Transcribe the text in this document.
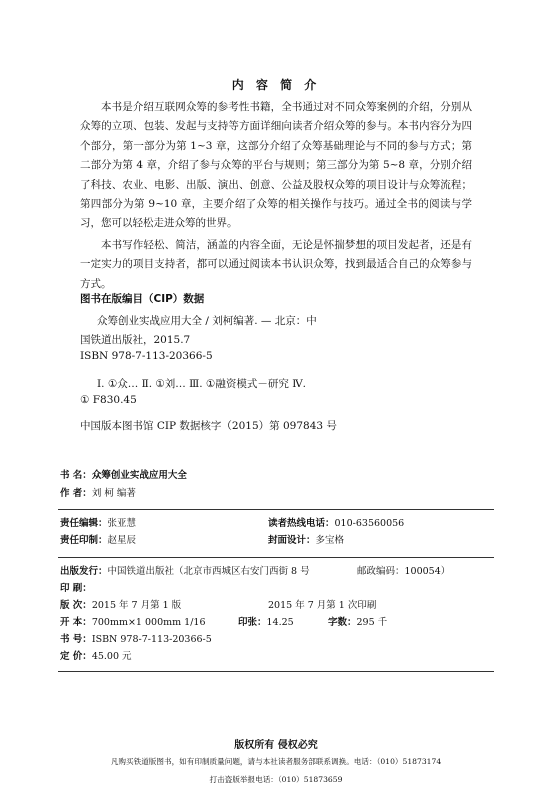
内 容 简 介

本书是介绍互联网众筹的参考性书籍，全书通过对不同众筹案例的介绍，分别从众筹的立项、包装、发起与支持等方面详细向读者介绍众筹的参与。本书内容分为四个部分，第一部分为第 1~3 章，这部分介绍了众筹基础理论与不同的参与方式；第二部分为第 4 章，介绍了参与众筹的平台与规则；第三部分为第 5~8 章，分别介绍了科技、农业、电影、出版、演出、创意、公益及股权众筹的项目设计与众筹流程；第四部分为第 9~10 章，主要介绍了众筹的相关操作与技巧。通过全书的阅读与学习，您可以轻松走进众筹的世界。

本书写作轻松、简洁，涵盖的内容全面，无论是怀揣梦想的项目发起者，还是有一定实力的项目支持者，都可以通过阅读本书认识众筹，找到最适合自己的众筹参与方式。

图书在版编目（CIP）数据
众筹创业实战应用大全 / 刘柯编著. — 北京：中
国铁道出版社，2015.7
ISBN 978-7-113-20366-5
Ⅰ. ①众… Ⅱ. ①刘… Ⅲ. ①融资模式－研究 Ⅳ.
① F830.45
中国版本图书馆 CIP 数据核字（2015）第 097843 号
书 名：众筹创业实战应用大全
作 者：刘 柯 编著
责任编辑：张亚慧	读者热线电话：010-63560056
责任印制：赵星辰	封面设计：多宝格
出版发行：中国铁道出版社（北京市西城区右安门西街 8 号	邮政编码：100054）
印 刷：
版 次：2015 年 7 月第 1 版	2015 年 7 月第 1 次印刷
开 本：700mm×1 000mm 1/16	印张：14.25	字数：295 千
书 号：ISBN 978-7-113-20366-5
定 价：45.00 元
版权所有 侵权必究
凡购买铁道版图书，如有印制质量问题，请与本社读者服务部联系调换。电话：（010）51873174
打击盗版举报电话：（010）51873659
